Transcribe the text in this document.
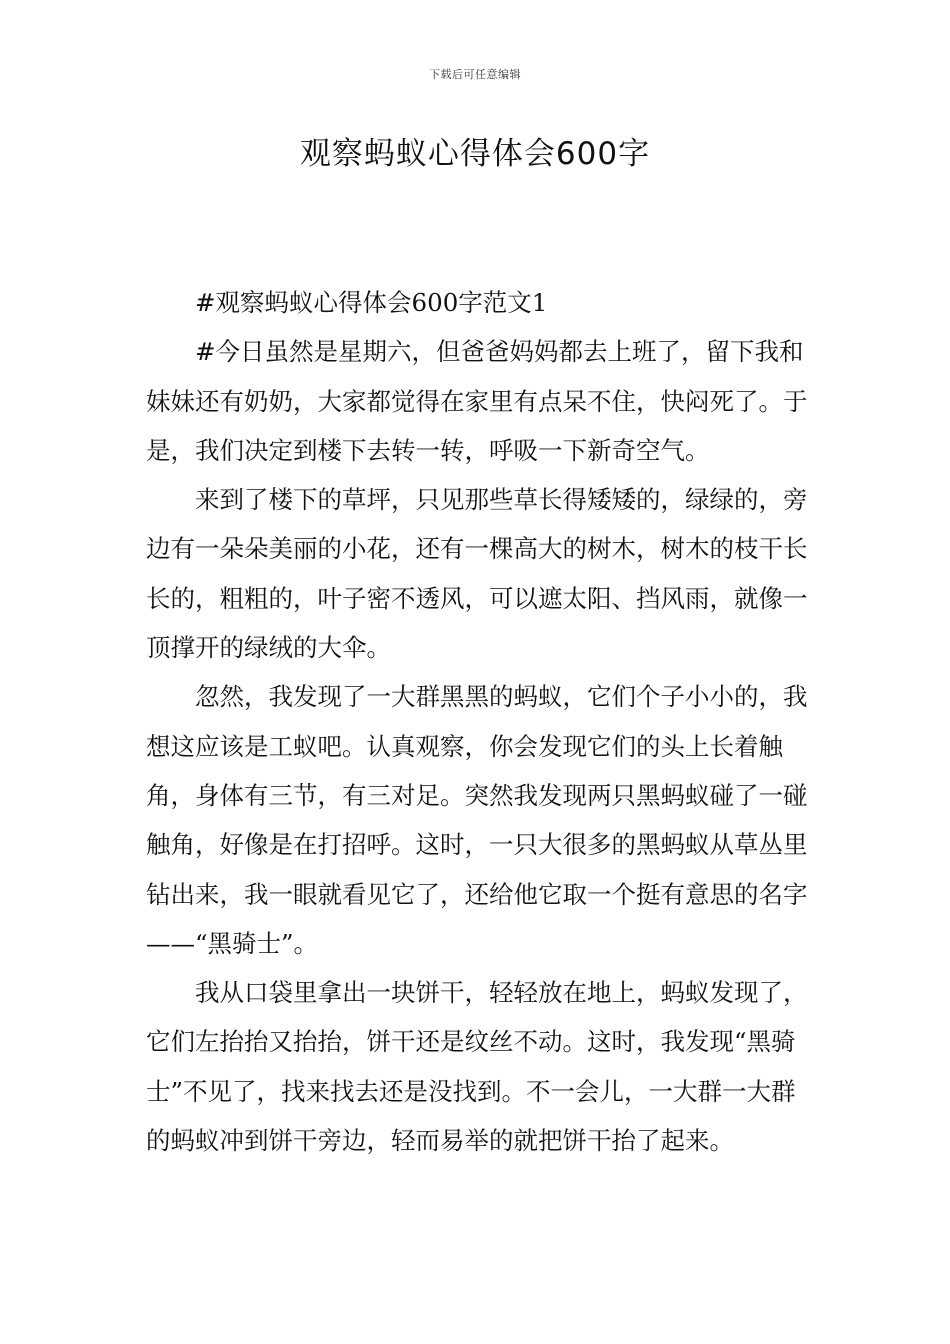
下载后可任意编辑
观察蚂蚁心得体会600字

#观察蚂蚁心得体会600字范文1

#今日虽然是星期六，但爸爸妈妈都去上班了，留下我和妹妹还有奶奶，大家都觉得在家里有点呆不住，快闷死了。于是，我们决定到楼下去转一转，呼吸一下新奇空气。

来到了楼下的草坪，只见那些草长得矮矮的，绿绿的，旁边有一朵朵美丽的小花，还有一棵高大的树木，树木的枝干长长的，粗粗的，叶子密不透风，可以遮太阳、挡风雨，就像一顶撑开的绿绒的大伞。

忽然，我发现了一大群黑黑的蚂蚁，它们个子小小的，我想这应该是工蚁吧。认真观察，你会发现它们的头上长着触角，身体有三节，有三对足。突然我发现两只黑蚂蚁碰了一碰触角，好像是在打招呼。这时，一只大很多的黑蚂蚁从草丛里钻出来，我一眼就看见它了，还给他它取一个挺有意思的名字——“黑骑士”。

我从口袋里拿出一块饼干，轻轻放在地上，蚂蚁发现了，它们左抬抬又抬抬，饼干还是纹丝不动。这时，我发现“黑骑士”不见了，找来找去还是没找到。不一会儿，一大群一大群的蚂蚁冲到饼干旁边，轻而易举的就把饼干抬了起来。
